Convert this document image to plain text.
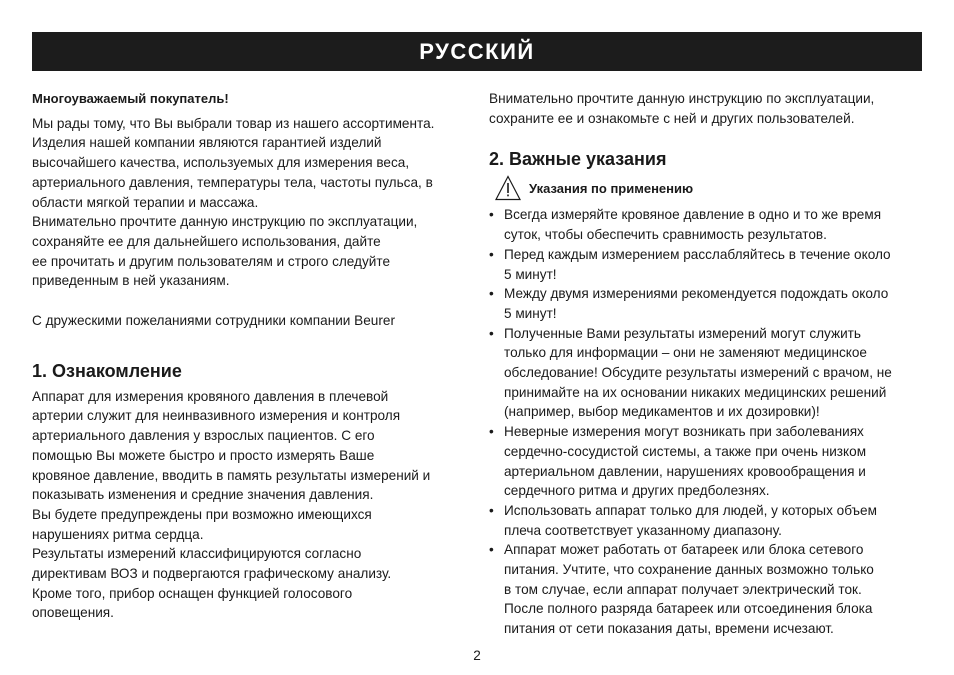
РУССКИЙ

Многоуважаемый покупатель!

Мы рады тому, что Вы выбрали товар из нашего ассортимента.
Изделия нашей компании являются гарантией изделий
высочайшего качества, используемых для измерения веса,
артериального давления, температуры тела, частоты пульса, в
области мягкой терапии и массажа.
Внимательно прочтите данную инструкцию по эксплуатации,
сохраняйте ее для дальнейшего использования, дайте
ее прочитать и другим пользователям и строго следуйте
приведенным в ней указаниям.

С дружескими пожеланиями сотрудники компании Beurer

1. Ознакомление

Аппарат для измерения кровяного давления в плечевой
артерии служит для неинвазивного измерения и контроля
артериального давления у взрослых пациентов. С его
помощью Вы можете быстро и просто измерять Ваше
кровяное давление, вводить в память результаты измерений и
показывать изменения и средние значения давления.
Вы будете предупреждены при возможно имеющихся
нарушениях ритма сердца.
Результаты измерений классифицируются согласно
директивам ВОЗ и подвергаются графическому анализу.
Кроме того, прибор оснащен функцией голосового
оповещения.

Внимательно прочтите данную инструкцию по эксплуатации,
сохраните ее и ознакомьте с ней и других пользователей.

2. Важные указания
Указания по применению
• Всегда измеряйте кровяное давление в одно и то же время
суток, чтобы обеспечить сравнимость результатов.
• Перед каждым измерением расслабляйтесь в течение около
5 минут!
• Между двумя измерениями рекомендуется подождать около
5 минут!
• Полученные Вами результаты измерений могут служить
только для информации – они не заменяют медицинское
обследование! Обсудите результаты измерений с врачом, не
принимайте на их основании никаких медицинских решений
(например, выбор медикаментов и их дозировки)!
• Неверные измерения могут возникать при заболеваниях
сердечно-сосудистой системы, а также при очень низком
артериальном давлении, нарушениях кровообращения и
сердечного ритма и других предболезнях.
• Использовать аппарат только для людей, у которых объем
плеча соответствует указанному диапазону.
• Аппарат может работать от батареек или блока сетевого
питания. Учтите, что сохранение данных возможно только
в том случае, если аппарат получает электрический ток.
После полного разряда батареек или отсоединения блока
питания от сети показания даты, времени исчезают.
2
